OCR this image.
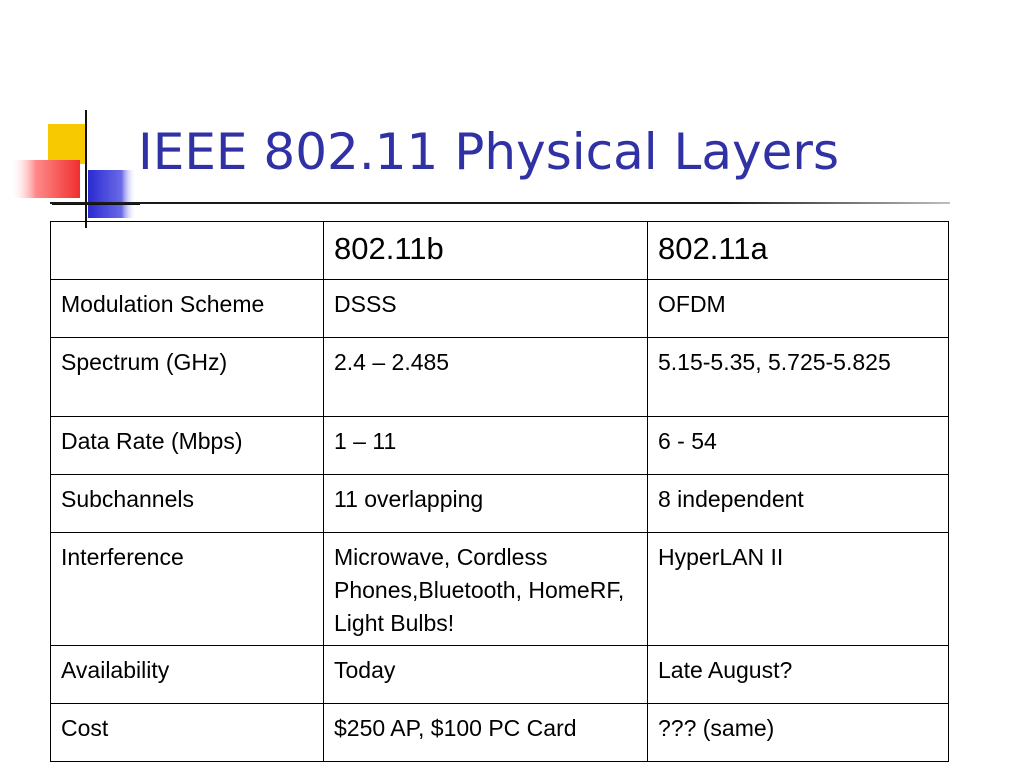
IEEE 802.11 Physical Layers
	802.11b	802.11a
Modulation Scheme	DSSS	OFDM
Spectrum (GHz)	2.4 – 2.485	5.15-5.35, 5.725-5.825
Data Rate (Mbps)	1 – 11	6 - 54
Subchannels	11 overlapping	8 independent
Interference	Microwave, Cordless Phones,Bluetooth, HomeRF, Light Bulbs!	HyperLAN II
Availability	Today	Late August?
Cost	$250 AP, $100 PC Card	??? (same)
